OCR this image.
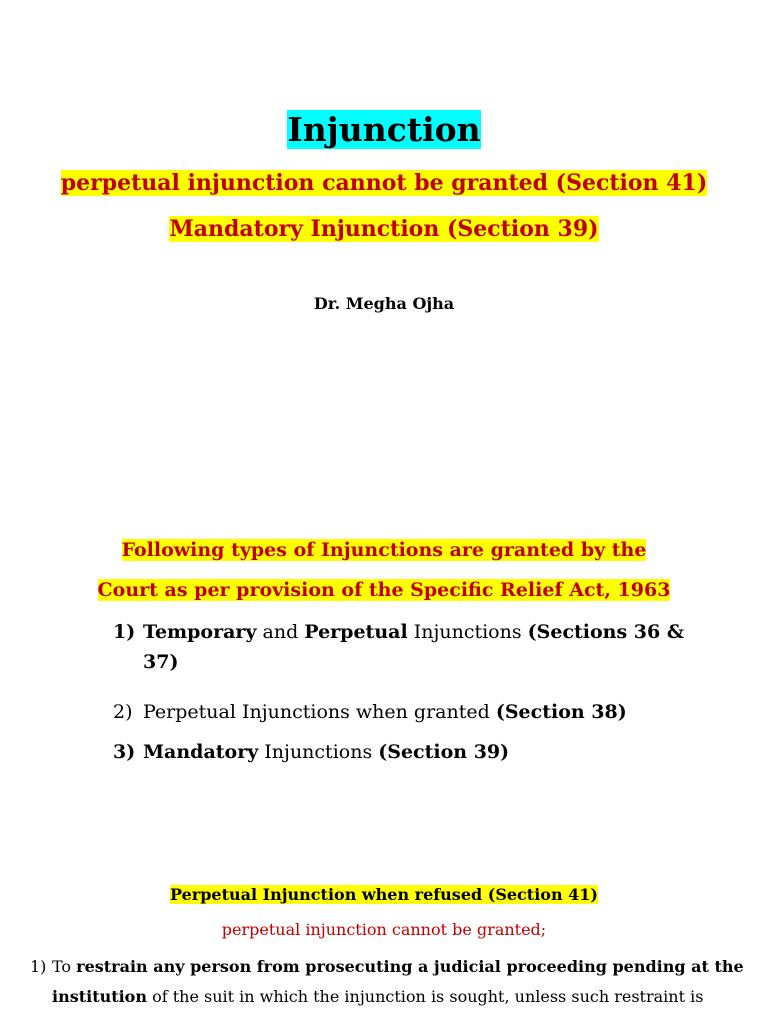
Injunction
perpetual injunction cannot be granted (Section 41)
Mandatory Injunction (Section 39)
Dr. Megha Ojha
Following types of Injunctions are granted by the
Court as per provision of the Specific Relief Act, 1963
1) Temporary and Perpetual Injunctions (Sections 36 &
37)
2) Perpetual Injunctions when granted (Section 38)
3) Mandatory Injunctions (Section 39)
Perpetual Injunction when refused (Section 41)
perpetual injunction cannot be granted;
1) To restrain any person from prosecuting a judicial proceeding pending at the
institution of the suit in which the injunction is sought, unless such restraint is
